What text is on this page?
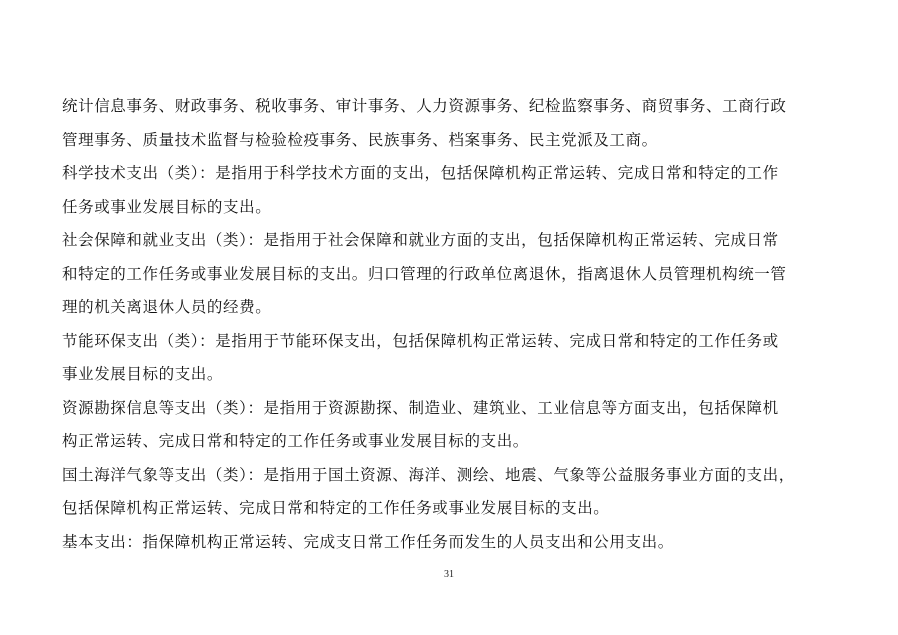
统计信息事务、财政事务、税收事务、审计事务、人力资源事务、纪检监察事务、商贸事务、工商行政
管理事务、质量技术监督与检验检疫事务、民族事务、档案事务、民主党派及工商。
科学技术支出（类）：是指用于科学技术方面的支出，包括保障机构正常运转、完成日常和特定的工作
任务或事业发展目标的支出。
社会保障和就业支出（类）：是指用于社会保障和就业方面的支出，包括保障机构正常运转、完成日常
和特定的工作任务或事业发展目标的支出。归口管理的行政单位离退休，指离退休人员管理机构统一管
理的机关离退休人员的经费。
节能环保支出（类）：是指用于节能环保支出，包括保障机构正常运转、完成日常和特定的工作任务或
事业发展目标的支出。
资源勘探信息等支出（类）：是指用于资源勘探、制造业、建筑业、工业信息等方面支出，包括保障机
构正常运转、完成日常和特定的工作任务或事业发展目标的支出。
国土海洋气象等支出（类）：是指用于国土资源、海洋、测绘、地震、气象等公益服务事业方面的支出，
包括保障机构正常运转、完成日常和特定的工作任务或事业发展目标的支出。
基本支出：指保障机构正常运转、完成支日常工作任务而发生的人员支出和公用支出。
31
